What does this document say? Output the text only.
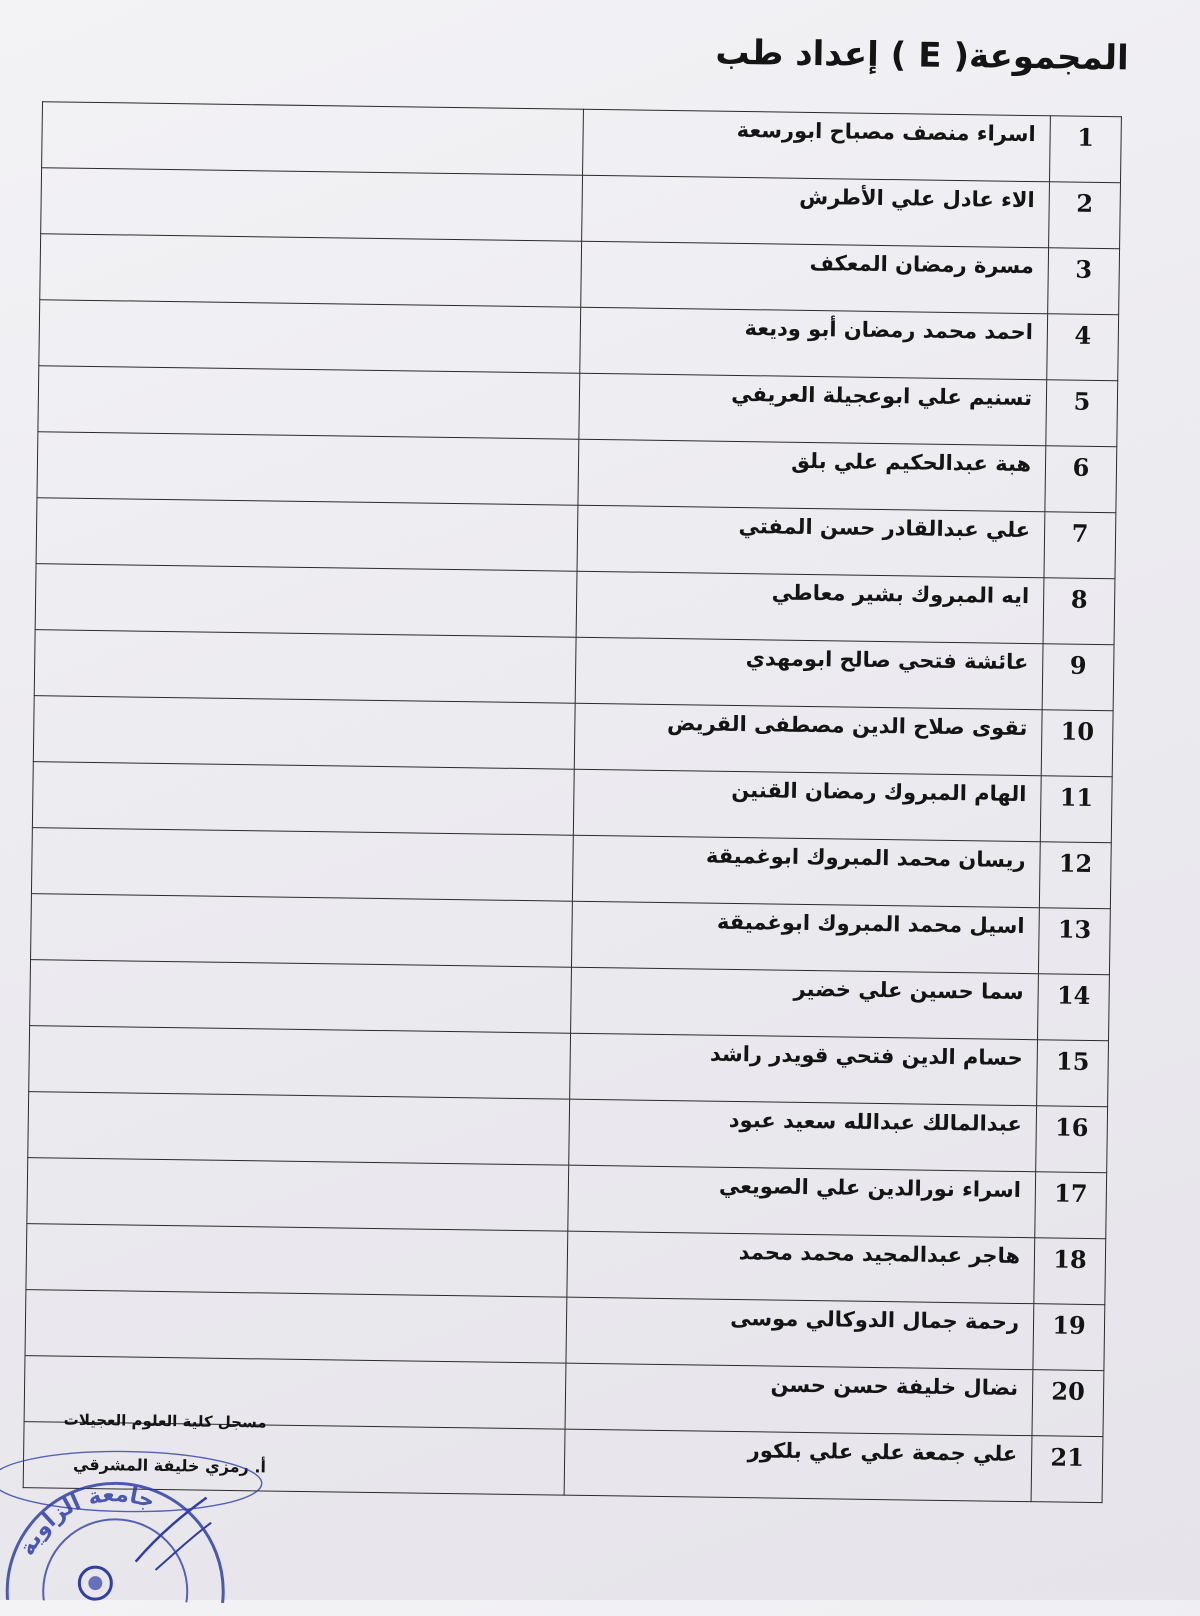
المجموعة( E ) إعداد طب
1	اسراء منصف مصباح ابورسعة	
2	الاء عادل علي الأطرش	
3	مسرة رمضان المعكف	
4	احمد محمد رمضان أبو وديعة	
5	تسنيم علي ابوعجيلة العريفي	
6	هبة عبدالحكيم علي بلق	
7	علي عبدالقادر حسن المفتي	
8	ايه المبروك بشير معاطي	
9	عائشة فتحي صالح ابومهدي	
10	تقوى صلاح الدين مصطفى القريض	
11	الهام المبروك رمضان القنين	
12	ريسان محمد المبروك ابوغميقة	
13	اسيل محمد المبروك ابوغميقة	
14	سما حسين علي خضير	
15	حسام الدين فتحي قويدر راشد	
16	عبدالمالك عبدالله سعيد عبود	
17	اسراء نورالدين علي الصويعي	
18	هاجر عبدالمجيد محمد محمد	
19	رحمة جمال الدوكالي موسى	
20	نضال خليفة حسن حسن	
21	علي جمعة علي علي بلكور	
مسجل كلية العلوم العجيلات
أ. رمزي خليفة المشرقي
جامعة الزاوية
